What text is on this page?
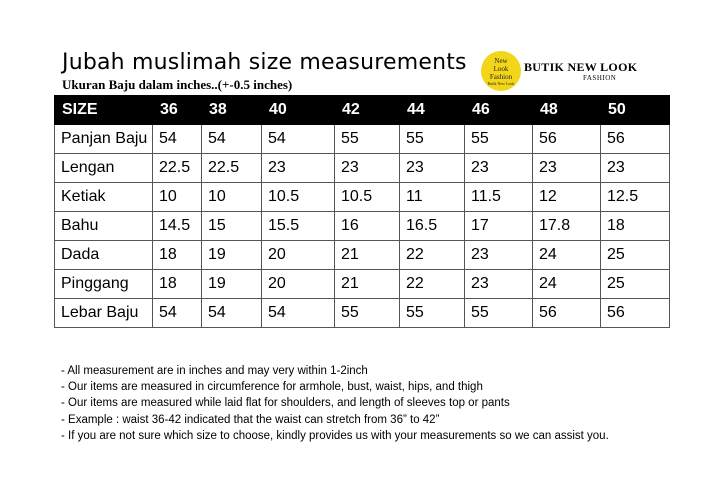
Jubah muslimah size measurements
Ukuran Baju dalam inches..(+-0.5 inches)
New
Look
Fashion
Butik New Look
BUTIK NEW LOOK
FASHION
SIZE	36	38	40	42	44	46	48	50
Panjan Baju	54	54	54	55	55	55	56	56
Lengan	22.5	22.5	23	23	23	23	23	23
Ketiak	10	10	10.5	10.5	11	11.5	12	12.5
Bahu	14.5	15	15.5	16	16.5	17	17.8	18
Dada	18	19	20	21	22	23	24	25
Pinggang	18	19	20	21	22	23	24	25
Lebar Baju	54	54	54	55	55	55	56	56
- All measurement are in inches and may very within 1-2inch
- Our items are measured in circumference for armhole, bust, waist, hips, and thigh
- Our items are measured while laid flat for shoulders, and length of sleeves top or pants
- Example : waist 36-42 indicated that the waist can stretch from 36” to 42”
- If you are not sure which size to choose, kindly provides us with your measurements so we can assist you.
